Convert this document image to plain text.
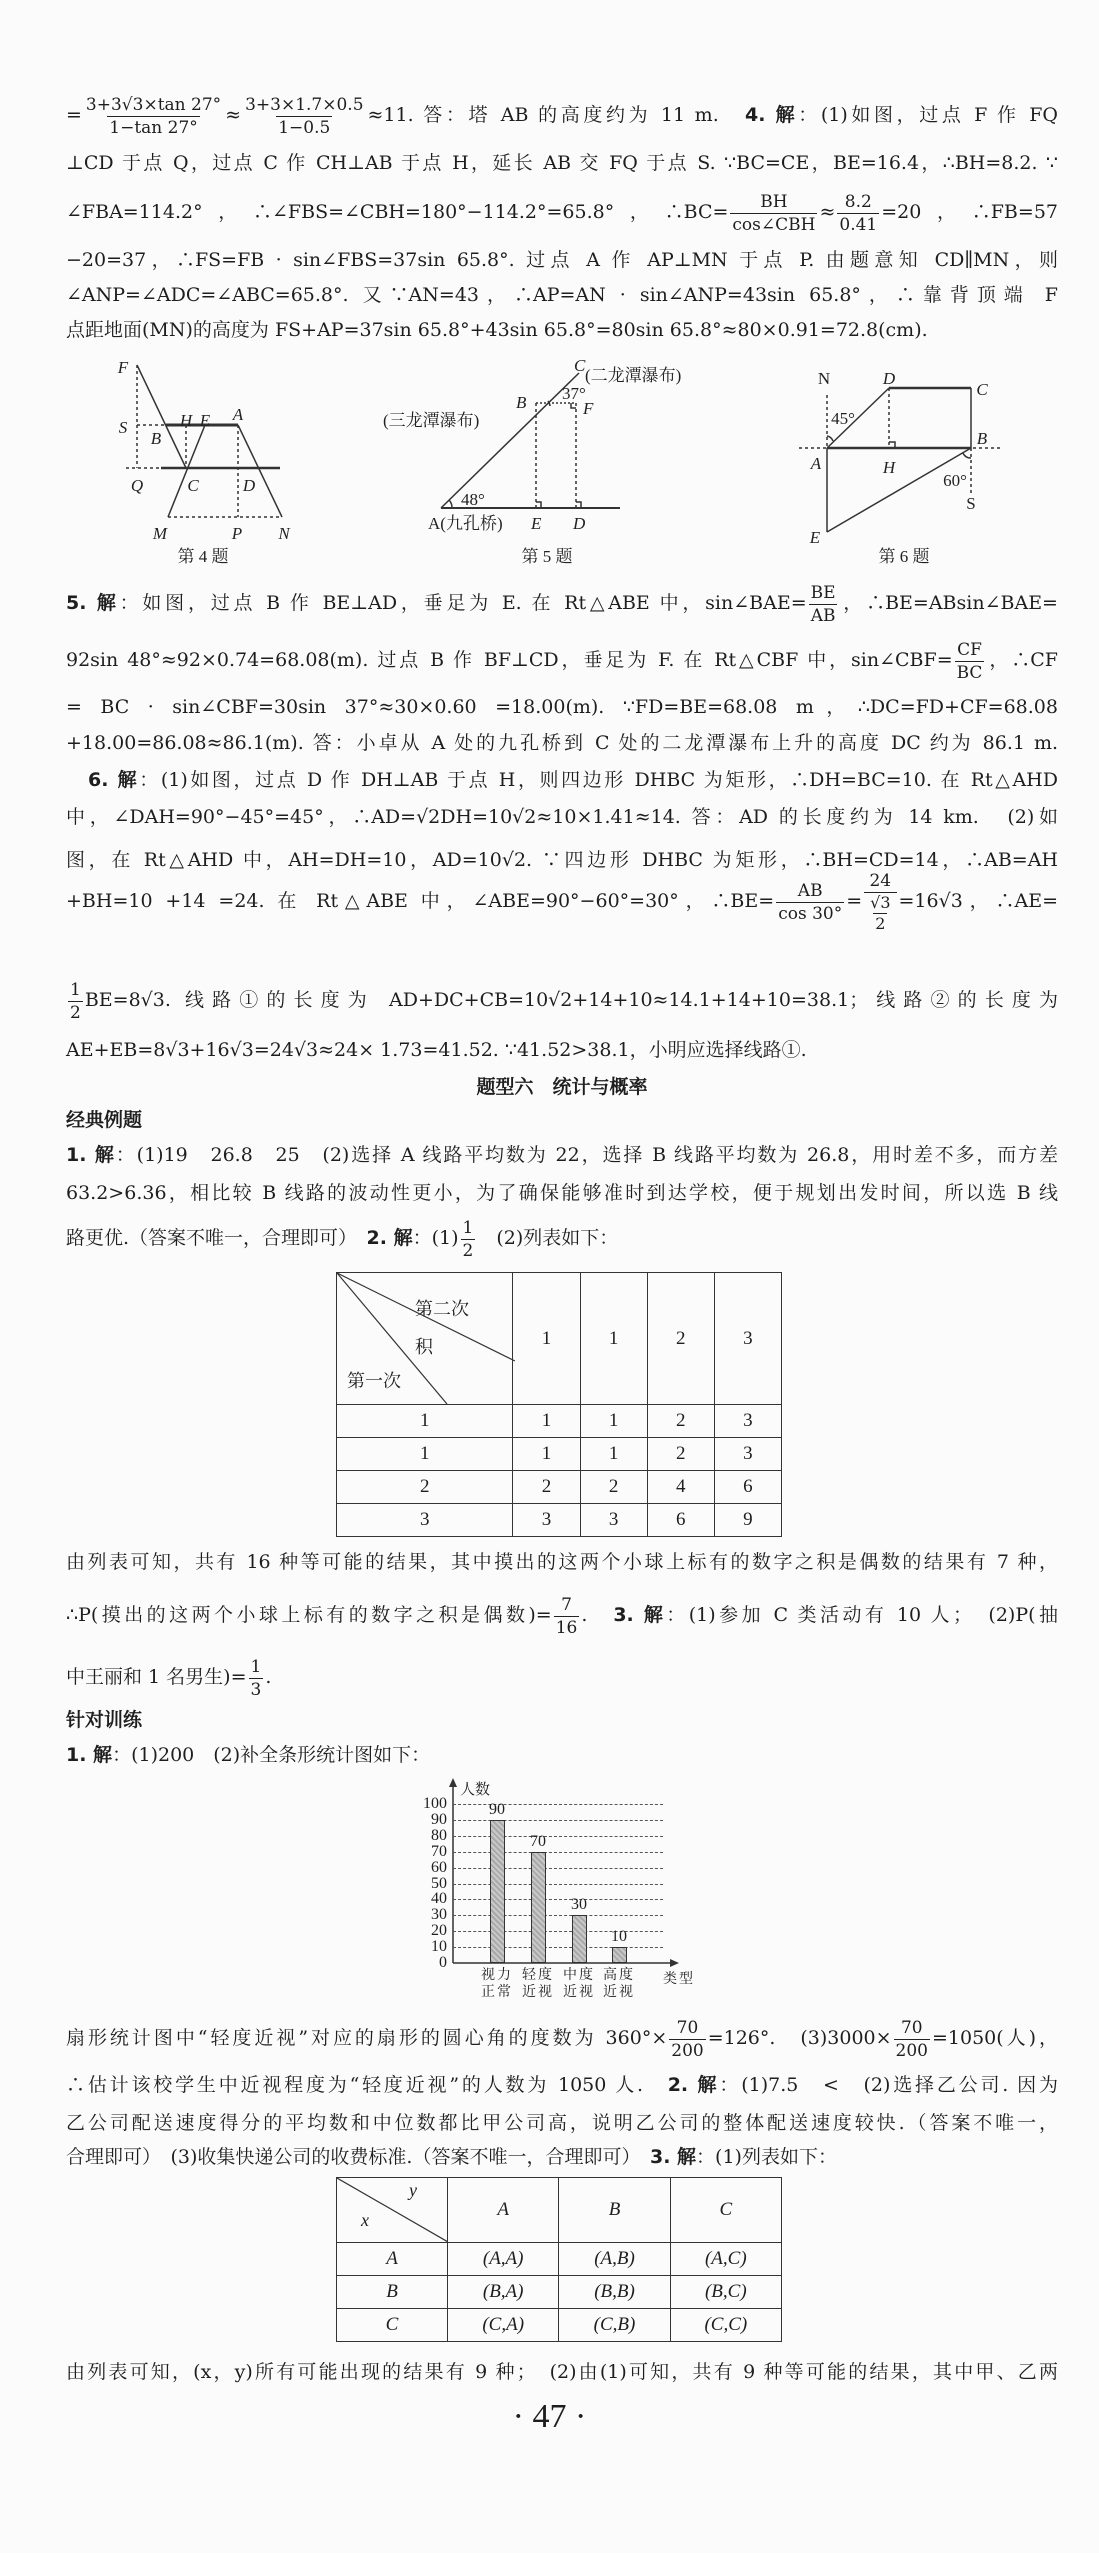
= $\frac{3+3√3\times\tan 27^\circ}{1-\tan 27^\circ} \approx \frac{3+3\times 1.7\times 0.5}{1-0.5} \approx 11$. 答：塔 AB 的高度约为 11 m.　4. 解：(1)如图，过点 F 作 FQ
⊥CD 于点 Q，过点 C 作 CH⊥AB 于点 H，延长 AB 交 FQ 于点 S. ∵BC=CE，BE=16.4，∴BH=8.2. ∵
∠FBA=114.2°，∴∠FBS=∠CBH=180°−114.2°=65.8°，∴BC= $\frac{BH}{\text{cos∠CBH}} \approx \frac{8.2}{0.41} =20$，∴FB=57
−20=37，∴FS=FB · sin∠FBS=37sin 65.8°. 过点 A 作 AP⊥MN 于点 P. 由题意知 CD∥MN，则
∠ANP=∠ADC=∠ABC=65.8°. 又∵AN=43，∴AP=AN · sin∠ANP=43sin 65.8°，∴靠背顶端 F
点距地面(MN)的高度为 FS+AP=37sin 65.8°+43sin 65.8°=80sin 65.8°≈80×0.91=72.8(cm).
5. 解：如图，过点 B 作 BE⊥AD，垂足为 E. 在 Rt△ABE 中，sin∠BAE= $\frac{BE}{AB}$ ，∴BE=ABsin∠BAE=
92sin 48°≈92×0.74=68.08(m). 过点 B 作 BF⊥CD，垂足为 F. 在 Rt△CBF 中，sin∠CBF= $\frac{CF}{BC}$ ，∴CF
= BC · sin∠CBF=30sin 37°≈30×0.60 =18.00(m). ∵FD=BE=68.08 m，∴DC=FD+CF=68.08
+18.00=86.08≈86.1(m). 答：小卓从 A 处的九孔桥到 C 处的二龙潭瀑布上升的高度 DC 约为 86.1 m.
6. 解：(1)如图，过点 D 作 DH⊥AB 于点 H，则四边形 DHBC 为矩形，∴DH=BC=10. 在 Rt△AHD
中，∠DAH=90°−45°=45°，∴AD=√2DH=10√2≈10×1.41≈14. 答：AD 的长度约为 14 km.　(2)如
图，在 Rt△AHD 中，AH=DH=10，AD=10√2. ∵四边形 DHBC 为矩形，∴BH=CD=14，∴AB=AH
+BH=10 +14 =24. 在 Rt△ABE 中，∠ABE=90°−60°=30°，∴BE= $\frac{AB}{\cos 30^\circ} = \frac{24}{\frac{√3}{2}} =16√3$，∴AE=
$\frac{1}{2} BE=8√3$. 线路①的长度为 AD+DC+CB=10√2+14+10≈14.1+14+10=38.1；线路②的长度为
AE+EB=8√3+16√3=24√3≈24× 1.73=41.52. ∵41.52>38.1，小明应选择线路①.
题型六　统计与概率
经典例题
1. 解：(1)19　26.8　25　(2)选择 A 线路平均数为 22，选择 B 线路平均数为 26.8，用时差不多，而方差
63.2>6.36，相比较 B 线路的波动性更小，为了确保能够准时到达学校，便于规划出发时间，所以选 B 线
路更优.（答案不唯一，合理即可）　2. 解：$(1) \frac{1}{2}$ 　(2)列表如下：
由列表可知，共有 16 种等可能的结果，其中摸出的这两个小球上标有的数字之积是偶数的结果有 7 种，
∴P(摸出的这两个小球上标有的数字之积是偶数)= $\frac{7}{16}$ .　3. 解：(1)参加 C 类活动有 10 人；　(2)P(抽
中王丽和 1 名男生)= $\frac{1}{3}$ .
针对训练
1. 解：(1)200　(2)补全条形统计图如下：
扇形统计图中“轻度近视”对应的扇形的圆心角的度数为 $360^\circ\times \frac{70}{200} =126^\circ$.　$(3)3000\times \frac{70}{200} =1050$(人)，
∴估计该校学生中近视程度为“轻度近视”的人数为 1050 人.　2. 解：(1)7.5　<　(2)选择乙公司. 因为
乙公司配送速度得分的平均数和中位数都比甲公司高，说明乙公司的整体配送速度较快.（答案不唯一，
合理即可）　(3)收集快递公司的收费标准.（答案不唯一，合理即可）　3. 解：(1)列表如下：
由列表可知，(x，y)所有可能出现的结果有 9 种；　(2)由(1)可知，共有 9 种等可能的结果，其中甲、乙两
F
S	H E A
B
Q	C	D
M	P N
第 4 题
C
(二龙潭瀑布)
B 37°
F
(三龙潭瀑布)
48°
A(九孔桥) E D
第 5 题
N	D
C
45°
B
A	H
60°
S
E
第 6 题
第二次
积
第一次	1	1	2	3
1	1	1	2	3
1	1	1	2	3
2	2	2	4	6
3	3	3	6	9
y
x	A	B	C
A	(A,A)	(A,B)	(A,C)
B	(B,A)	(B,B)	(B,C)
C	(C,A)	(C,B)	(C,C)
人数
类型
0
10
20
30
40
50
60
70
80
90
100	90
视力正常
70
轻度近视
30
中度近视
10
高度近视
· 47 ·
